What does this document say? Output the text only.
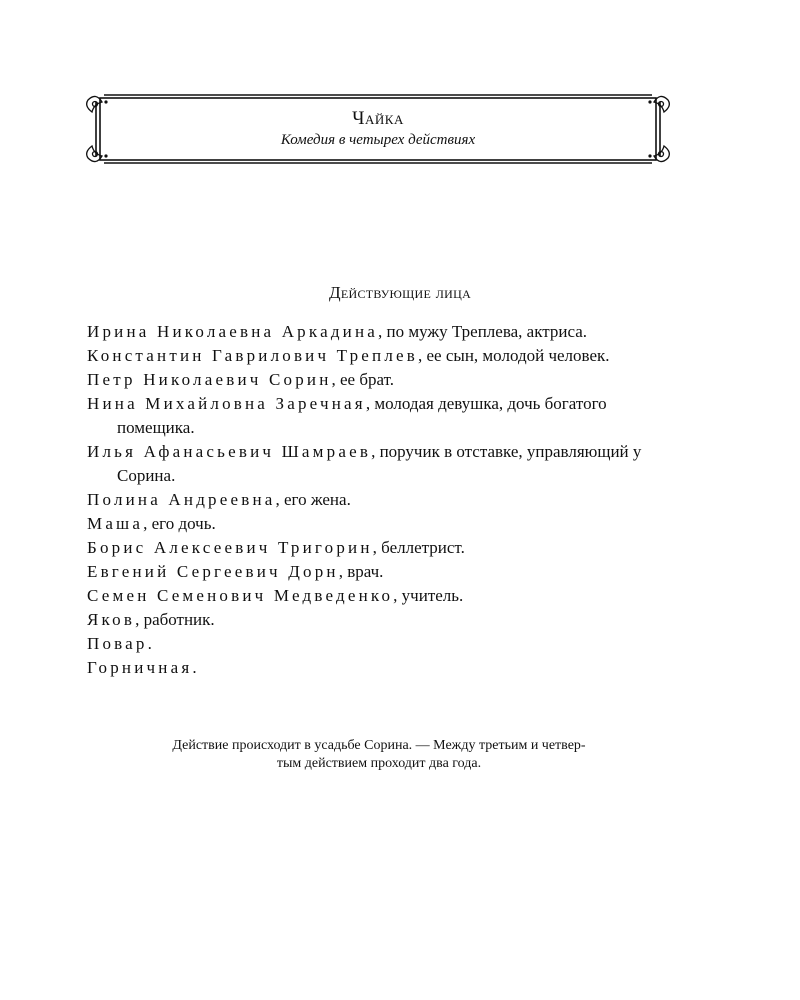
Чайка
Комедия в четырех действиях
Действующие лица
Ирина Николаевна Аркадина, по мужу Треплева, актриса.
Константин Гаврилович Треплев, ее сын, молодой человек.
Петр Николаевич Сорин, ее брат.
Нина Михайловна Заречная, молодая девушка, дочь богатого помещика.
Илья Афанасьевич Шамраев, поручик в отставке, управляющий у Сорина.
Полина Андреевна, его жена.
Маша, его дочь.
Борис Алексеевич Тригорин, беллетрист.
Евгений Сергеевич Дорн, врач.
Семен Семенович Медведенко, учитель.
Яков, работник.
Повар.
Горничная.
Действие происходит в усадьбе Сорина. — Между третьим и четвер-
тым действием проходит два года.
